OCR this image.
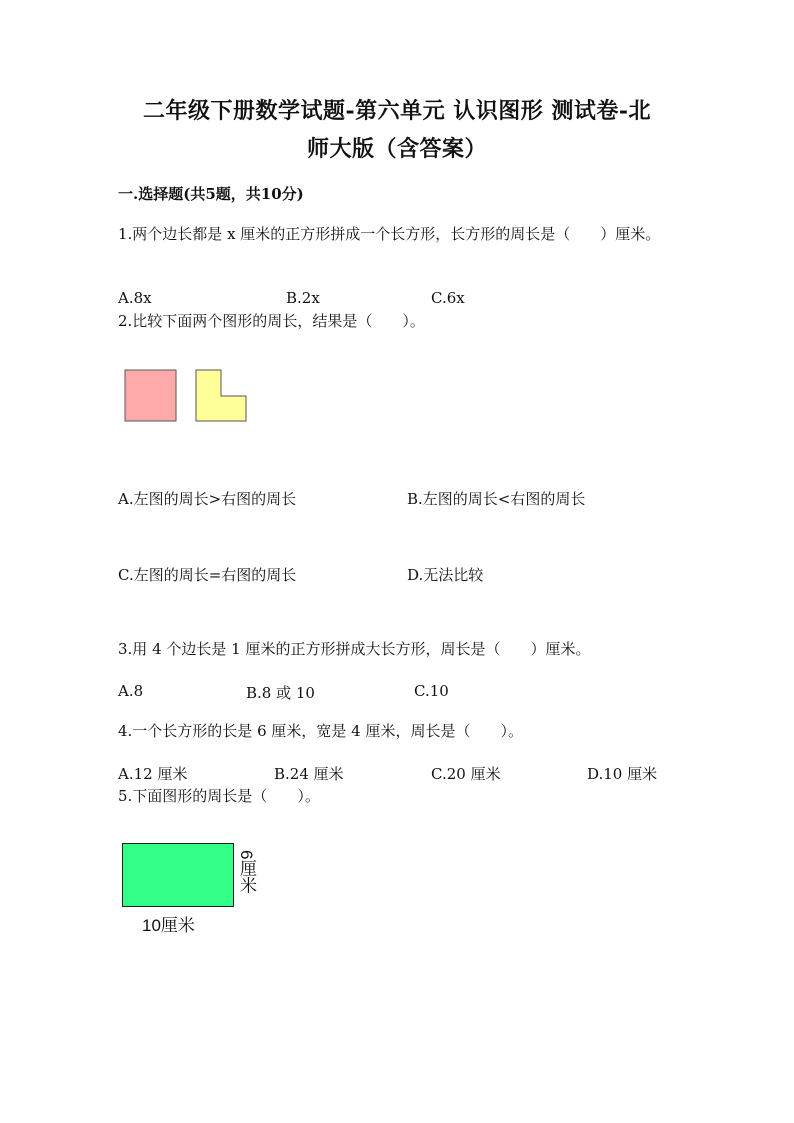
二年级下册数学试题-第六单元 认识图形 测试卷-北
师大版（含答案）
一.选择题(共5题，共10分)
1.两个边长都是 x 厘米的正方形拼成一个长方形，长方形的周长是（　　）厘米。
A.8x	B.2x	C.6x
2.比较下面两个图形的周长，结果是（　　）。
A.左图的周长>右图的周长	B.左图的周长<右图的周长
C.左图的周长=右图的周长	D.无法比较
3.用 4 个边长是 1 厘米的正方形拼成大长方形，周长是（　　）厘米。
A.8	B.8 或 10	C.10
4.一个长方形的长是 6 厘米，宽是 4 厘米，周长是（　　）。
A.12 厘米	B.24 厘米	C.20 厘米	D.10 厘米
5.下面图形的周长是（　　）。
10厘米
6厘米
